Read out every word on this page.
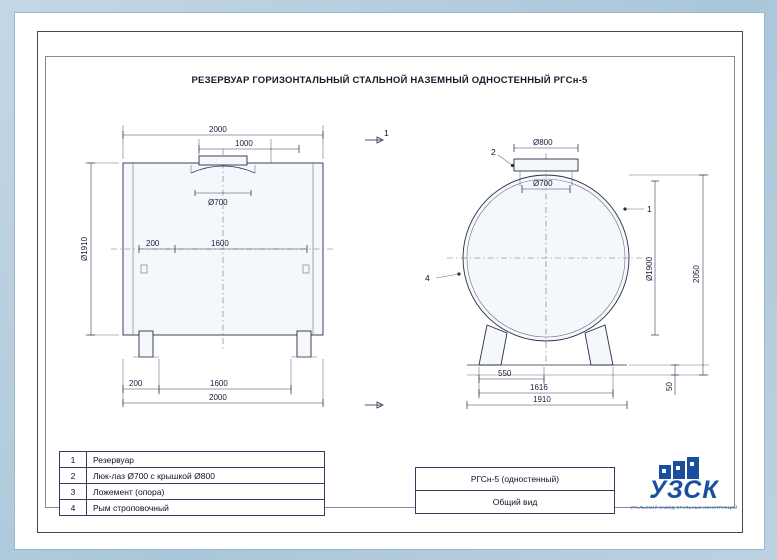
РЕЗЕРВУАР ГОРИЗОНТАЛЬНЫЙ СТАЛЬНОЙ НАЗЕМНЫЙ ОДНОСТЕННЫЙ РГСн-5
Ø700
200	1600
2000
1000
Ø1910
200	1600
2000
1
Ø800
Ø700
Ø1900
2
1
4
550
1616
1910
2050
50
1	Резервуар
2	Люк-лаз Ø700 с крышкой Ø800
3	Ложемент (опора)
4	Рым строповочный
РГСн-5 (одностенный)
Общий вид	УЗСК
УРАЛЬСКИЙ ЗАВОД СТАЛЬНЫХ КОНСТРУКЦИЙ
